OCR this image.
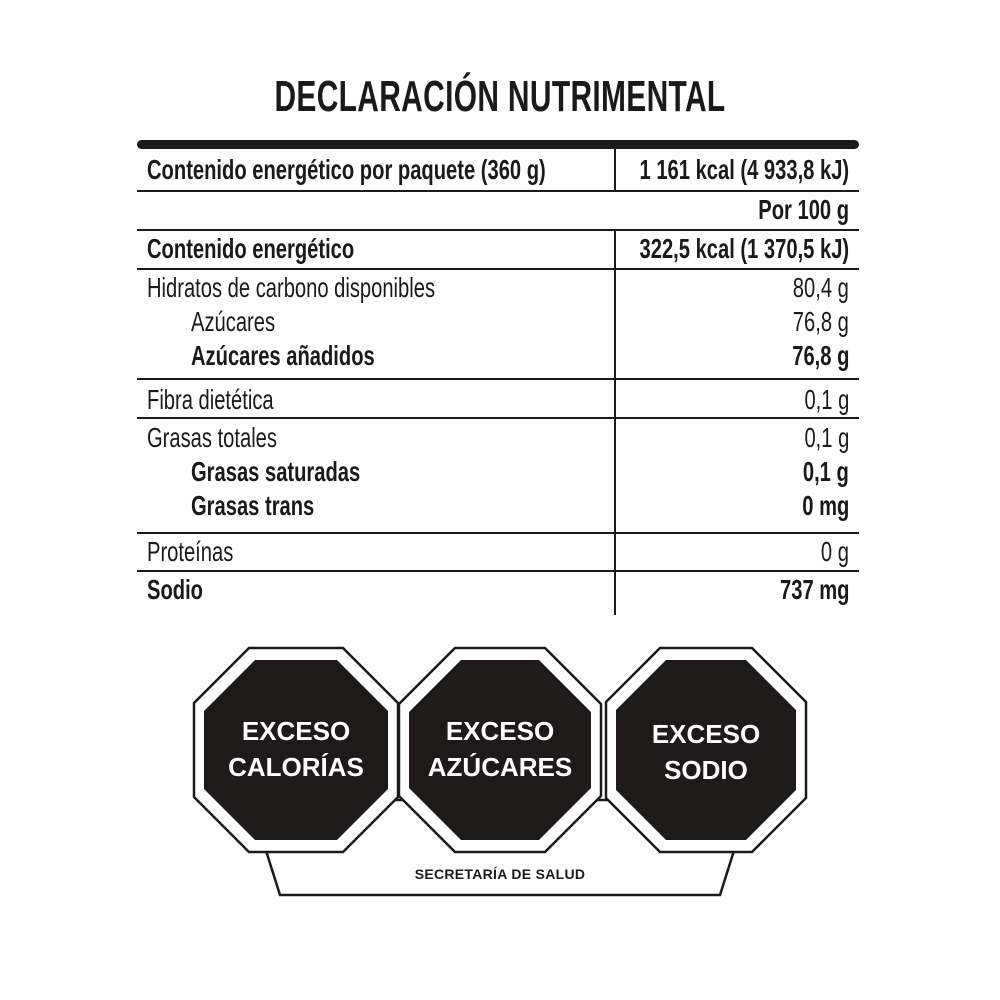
DECLARACIÓN NUTRIMENTAL
Contenido energético por paquete (360 g)	1 161 kcal (4 933,8 kJ)
Por 100 g
Contenido energético	322,5 kcal (1 370,5 kJ)
Hidratos de carbono disponibles	80,4 g
Azúcares	76,8 g
Azúcares añadidos	76,8 g
Fibra dietética	0,1 g
Grasas totales	0,1 g
Grasas saturadas	0,1 g
Grasas trans	0 mg
Proteínas	0 g
Sodio	737 mg
EXCESO
CALORÍAS
EXCESO
AZÚCARES
EXCESO
SODIO
SECRETARÍA DE SALUD
